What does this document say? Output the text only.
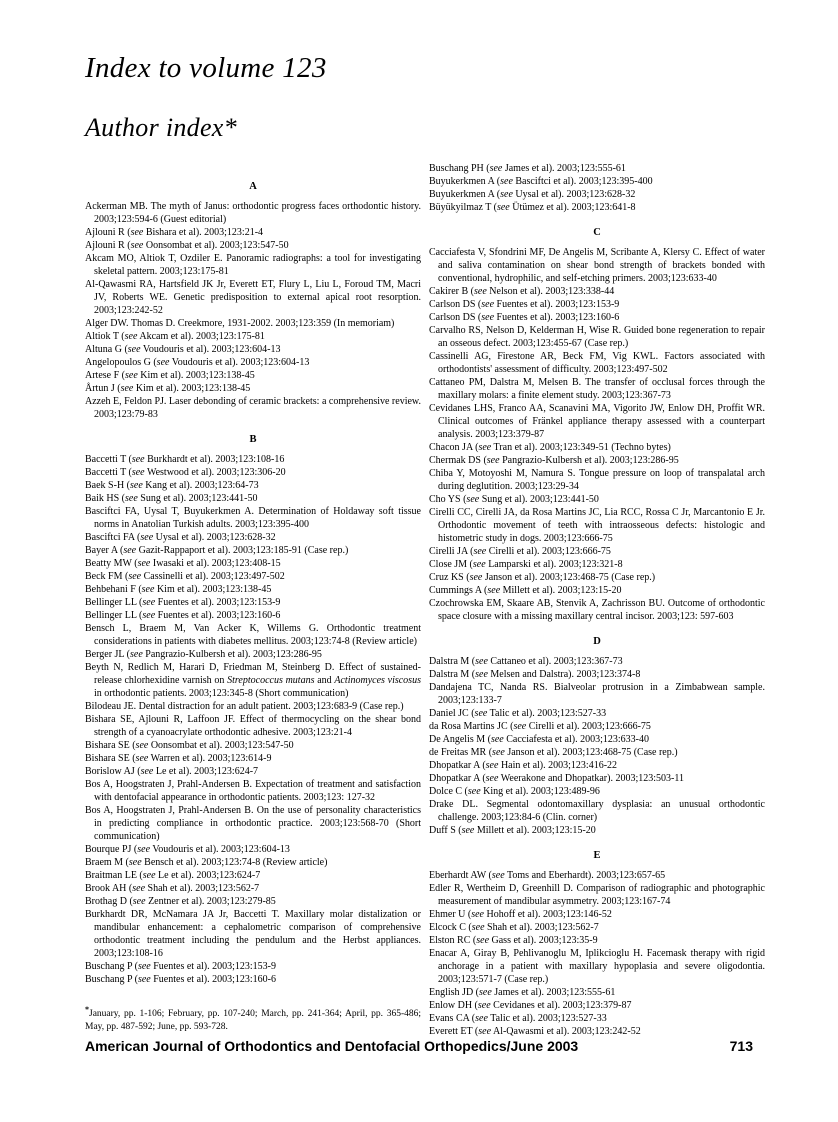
Index to volume 123
Author index*
A

Ackerman MB. The myth of Janus: orthodontic progress faces orthodontic history. 2003;123:594-6 (Guest editorial)

Ajlouni R (see Bishara et al). 2003;123:21-4

Ajlouni R (see Oonsombat et al). 2003;123:547-50

Akcam MO, Altiok T, Ozdiler E. Panoramic radiographs: a tool for investigating skeletal pattern. 2003;123:175-81

Al-Qawasmi RA, Hartsfield JK Jr, Everett ET, Flury L, Liu L, Foroud TM, Macri JV, Roberts WE. Genetic predisposition to external apical root resorption. 2003;123:242-52

Alger DW. Thomas D. Creekmore, 1931-2002. 2003;123:359 (In memoriam)

Altiok T (see Akcam et al). 2003;123:175-81

Altuna G (see Voudouris et al). 2003;123:604-13

Angelopoulos G (see Voudouris et al). 2003;123:604-13

Artese F (see Kim et al). 2003;123:138-45

Årtun J (see Kim et al). 2003;123:138-45

Azzeh E, Feldon PJ. Laser debonding of ceramic brackets: a comprehensive review. 2003;123:79-83

B

Baccetti T (see Burkhardt et al). 2003;123:108-16

Baccetti T (see Westwood et al). 2003;123:306-20

Baek S-H (see Kang et al). 2003;123:64-73

Baik HS (see Sung et al). 2003;123:441-50

Basciftci FA, Uysal T, Buyukerkmen A. Determination of Holdaway soft tissue norms in Anatolian Turkish adults. 2003;123:395-400

Basciftci FA (see Uysal et al). 2003;123:628-32

Bayer A (see Gazit-Rappaport et al). 2003;123:185-91 (Case rep.)

Beatty MW (see Iwasaki et al). 2003;123:408-15

Beck FM (see Cassinelli et al). 2003;123:497-502

Behbehani F (see Kim et al). 2003;123:138-45

Bellinger LL (see Fuentes et al). 2003;123:153-9

Bellinger LL (see Fuentes et al). 2003;123:160-6

Bensch L, Braem M, Van Acker K, Willems G. Orthodontic treatment considerations in patients with diabetes mellitus. 2003;123:74-8 (Review article)

Berger JL (see Pangrazio-Kulbersh et al). 2003;123:286-95

Beyth N, Redlich M, Harari D, Friedman M, Steinberg D. Effect of sustained-release chlorhexidine varnish on Streptococcus mutans and Actinomyces viscosus in orthodontic patients. 2003;123:345-8 (Short communication)

Bilodeau JE. Dental distraction for an adult patient. 2003;123:683-9 (Case rep.)

Bishara SE, Ajlouni R, Laffoon JF. Effect of thermocycling on the shear bond strength of a cyanoacrylate orthodontic adhesive. 2003;123:21-4

Bishara SE (see Oonsombat et al). 2003;123:547-50

Bishara SE (see Warren et al). 2003;123:614-9

Borislow AJ (see Le et al). 2003;123:624-7

Bos A, Hoogstraten J, Prahl-Andersen B. Expectation of treatment and satisfaction with dentofacial appearance in orthodontic patients. 2003;123: 127-32

Bos A, Hoogstraten J, Prahl-Andersen B. On the use of personality characteristics in predicting compliance in orthodontic practice. 2003;123:568-70 (Short communication)

Bourque PJ (see Voudouris et al). 2003;123:604-13

Braem M (see Bensch et al). 2003;123:74-8 (Review article)

Braitman LE (see Le et al). 2003;123:624-7

Brook AH (see Shah et al). 2003;123:562-7

Brothag D (see Zentner et al). 2003;123:279-85

Burkhardt DR, McNamara JA Jr, Baccetti T. Maxillary molar distalization or mandibular enhancement: a cephalometric comparison of comprehensive orthodontic treatment including the pendulum and the Herbst appliances. 2003;123:108-16

Buschang P (see Fuentes et al). 2003;123:153-9

Buschang P (see Fuentes et al). 2003;123:160-6

Buschang PH (see James et al). 2003;123:555-61

Buyukerkmen A (see Basciftci et al). 2003;123:395-400

Buyukerkmen A (see Uysal et al). 2003;123:628-32

Büyükyilmaz T (see Ütümez et al). 2003;123:641-8

C

Cacciafesta V, Sfondrini MF, De Angelis M, Scribante A, Klersy C. Effect of water and saliva contamination on shear bond strength of brackets bonded with conventional, hydrophilic, and self-etching primers. 2003;123:633-40

Cakirer B (see Nelson et al). 2003;123:338-44

Carlson DS (see Fuentes et al). 2003;123:153-9

Carlson DS (see Fuentes et al). 2003;123:160-6

Carvalho RS, Nelson D, Kelderman H, Wise R. Guided bone regeneration to repair an osseous defect. 2003;123:455-67 (Case rep.)

Cassinelli AG, Firestone AR, Beck FM, Vig KWL. Factors associated with orthodontists' assessment of difficulty. 2003;123:497-502

Cattaneo PM, Dalstra M, Melsen B. The transfer of occlusal forces through the maxillary molars: a finite element study. 2003;123:367-73

Cevidanes LHS, Franco AA, Scanavini MA, Vigorito JW, Enlow DH, Proffit WR. Clinical outcomes of Fränkel appliance therapy assessed with a counterpart analysis. 2003;123:379-87

Chacon JA (see Tran et al). 2003;123:349-51 (Techno bytes)

Chermak DS (see Pangrazio-Kulbersh et al). 2003;123:286-95

Chiba Y, Motoyoshi M, Namura S. Tongue pressure on loop of transpalatal arch during deglutition. 2003;123:29-34

Cho YS (see Sung et al). 2003;123:441-50

Cirelli CC, Cirelli JA, da Rosa Martins JC, Lia RCC, Rossa C Jr, Marcantonio E Jr. Orthodontic movement of teeth with intraosseous defects: histologic and histometric study in dogs. 2003;123:666-75

Cirelli JA (see Cirelli et al). 2003;123:666-75

Close JM (see Lamparski et al). 2003;123:321-8

Cruz KS (see Janson et al). 2003;123:468-75 (Case rep.)

Cummings A (see Millett et al). 2003;123:15-20

Czochrowska EM, Skaare AB, Stenvik A, Zachrisson BU. Outcome of orthodontic space closure with a missing maxillary central incisor. 2003;123: 597-603

D

Dalstra M (see Cattaneo et al). 2003;123:367-73

Dalstra M (see Melsen and Dalstra). 2003;123:374-8

Dandajena TC, Nanda RS. Bialveolar protrusion in a Zimbabwean sample. 2003;123:133-7

Daniel JC (see Talic et al). 2003;123:527-33

da Rosa Martins JC (see Cirelli et al). 2003;123:666-75

De Angelis M (see Cacciafesta et al). 2003;123:633-40

de Freitas MR (see Janson et al). 2003;123:468-75 (Case rep.)

Dhopatkar A (see Hain et al). 2003;123:416-22

Dhopatkar A (see Weerakone and Dhopatkar). 2003;123:503-11

Dolce C (see King et al). 2003;123:489-96

Drake DL. Segmental odontomaxillary dysplasia: an unusual orthodontic challenge. 2003;123:84-6 (Clin. corner)

Duff S (see Millett et al). 2003;123:15-20

E

Eberhardt AW (see Toms and Eberhardt). 2003;123:657-65

Edler R, Wertheim D, Greenhill D. Comparison of radiographic and photographic measurement of mandibular asymmetry. 2003;123:167-74

Ehmer U (see Hohoff et al). 2003;123:146-52

Elcock C (see Shah et al). 2003;123:562-7

Elston RC (see Gass et al). 2003;123:35-9

Enacar A, Giray B, Pehlivanoglu M, Iplikcioglu H. Facemask therapy with rigid anchorage in a patient with maxillary hypoplasia and severe oligodontia. 2003;123:571-7 (Case rep.)

English JD (see James et al). 2003;123:555-61

Enlow DH (see Cevidanes et al). 2003;123:379-87

Evans CA (see Talic et al). 2003;123:527-33

Everett ET (see Al-Qawasmi et al). 2003;123:242-52

*January, pp. 1-106; February, pp. 107-240; March, pp. 241-364; April, pp. 365-486; May, pp. 487-592; June, pp. 593-728.
American Journal of Orthodontics and Dentofacial Orthopedics/June 2003	713
